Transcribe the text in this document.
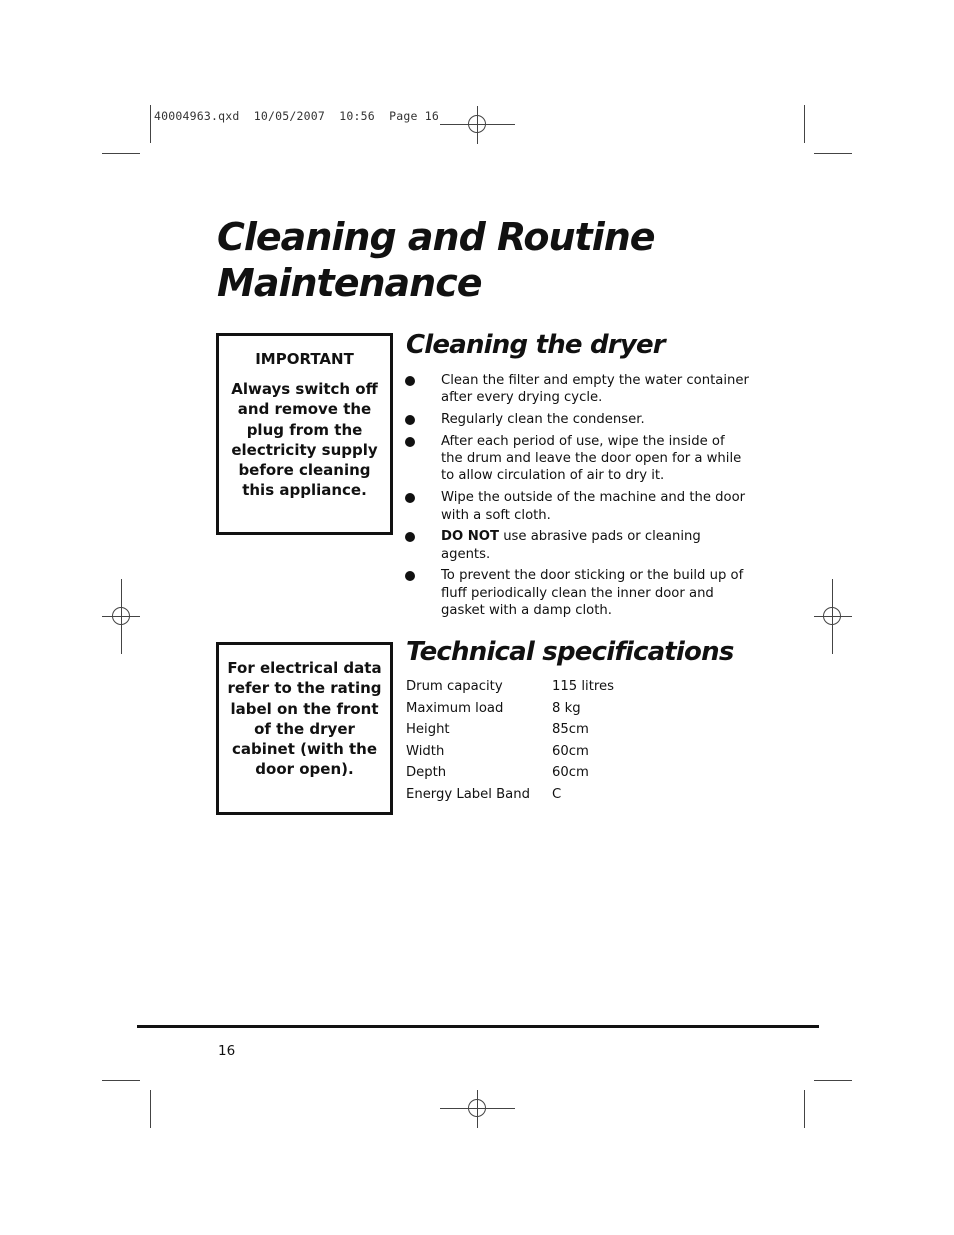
40004963.qxd  10/05/2007  10:56  Page 16
Cleaning and Routine
Maintenance
IMPORTANT
Always switch off and remove the plug from the electricity supply before cleaning this appliance.
For electrical data refer to the rating label on the front of the dryer cabinet (with the door open).
Cleaning the dryer
Clean the filter and empty the water container after every drying cycle.
Regularly clean the condenser.
After each period of use, wipe the inside of the drum and leave the door open for a while to allow circulation of air to dry it.
Wipe the outside of the machine and the door with a soft cloth.
DO NOT use abrasive pads or cleaning agents.
To prevent the door sticking or the build up of fluff periodically clean the inner door and gasket with a damp cloth.
Technical specifications
Drum capacity	115 litres
Maximum load	8 kg
Height	85cm
Width	60cm
Depth	60cm
Energy Label Band	C
16
